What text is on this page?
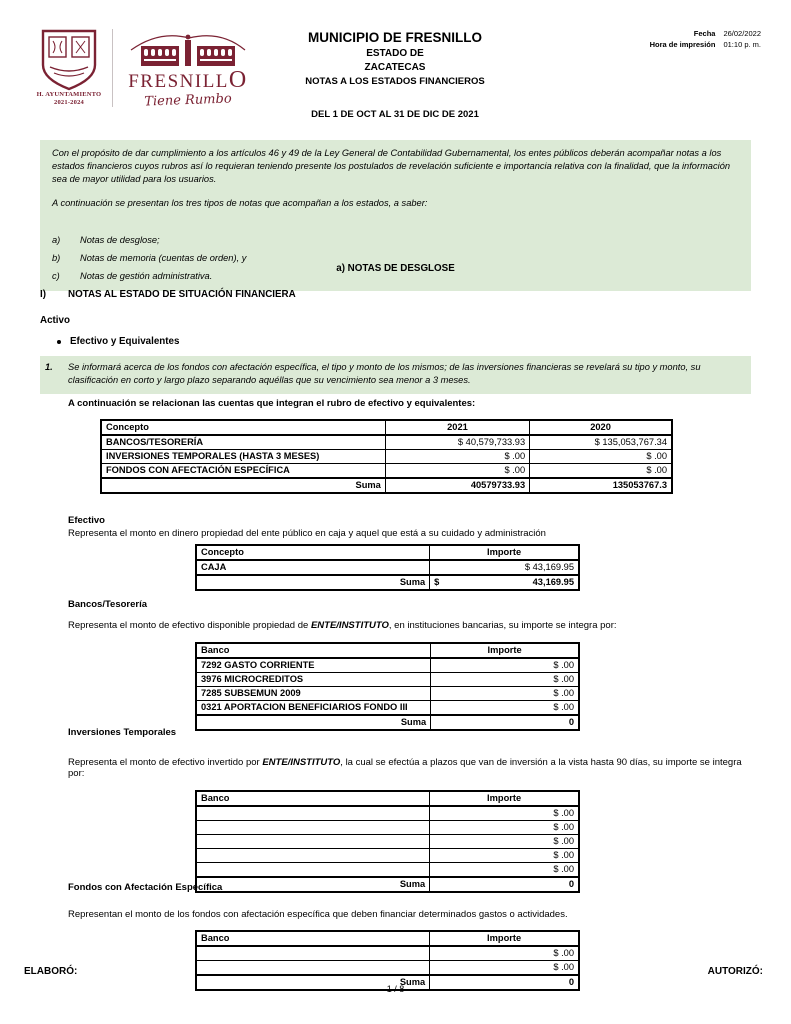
H. AYUNTAMIENTO
2021-2024
FRESNILLO
Tiene Rumbo
MUNICIPIO DE FRESNILLO
ESTADO DE
ZACATECAS
NOTAS A LOS ESTADOS FINANCIEROS
DEL 1 DE OCT AL 31 DE DIC DE 2021
Fecha 26/02/2022
Hora de impresión 01:10 p. m.

Con el propósito de dar cumplimiento a los artículos 46 y 49 de la Ley General de Contabilidad Gubernamental, los entes públicos deberán acompañar notas a los estados financieros cuyos rubros así lo requieran teniendo presente los postulados de revelación suficiente e importancia relativa con la finalidad, que la información sea de mayor utilidad para los usuarios.

A continuación se presentan los tres tipos de notas que acompañan a los estados, a saber:

a)	Notas de desglose;
b)	Notas de memoria (cuentas de orden), y
c)	Notas de gestión administrativa.
a) NOTAS DE DESGLOSE
I)	NOTAS AL ESTADO DE SITUACIÓN FINANCIERA
Activo
Efectivo y Equivalentes
1.	Se informará acerca de los fondos con afectación específica, el tipo y monto de los mismos; de las inversiones financieras se revelará su tipo y monto, su clasificación en corto y largo plazo separando aquéllas que su vencimiento sea menor a 3 meses.
A continuación se relacionan las cuentas que integran el rubro de efectivo y equivalentes:
Concepto	2021	2020
BANCOS/TESORERÍA	$ 40,579,733.93	$ 135,053,767.34
INVERSIONES TEMPORALES (HASTA 3 MESES)	$ .00	$ .00
FONDOS CON AFECTACIÓN ESPECÍFICA	$ .00	$ .00
Suma	40579733.93	135053767.3
Efectivo
Representa el monto en dinero propiedad del ente público en caja y aquel que está a su cuidado y administración
Concepto	Importe
CAJA	$ 43,169.95
Suma	$ 43,169.95
Bancos/Tesorería
Representa el monto de efectivo disponible propiedad de ENTE/INSTITUTO, en instituciones bancarias, su importe se integra por:
Banco	Importe
7292 GASTO CORRIENTE	$ .00
3976 MICROCREDITOS	$ .00
7285 SUBSEMUN 2009	$ .00
0321 APORTACION BENEFICIARIOS FONDO III	$ .00
Suma	0
Inversiones Temporales
Representa el monto de efectivo invertido por ENTE/INSTITUTO, la cual se efectúa a plazos que van de inversión a la vista hasta 90 días, su importe se integra por:
Banco	Importe
	$ .00
	$ .00
	$ .00
	$ .00
	$ .00
Suma	0
Fondos con Afectación Específica
Representan el monto de los fondos con afectación específica que deben financiar determinados gastos o actividades.
Banco	Importe
	$ .00
	$ .00
Suma	0
ELABORÓ:	AUTORIZÓ:
1 / 8
